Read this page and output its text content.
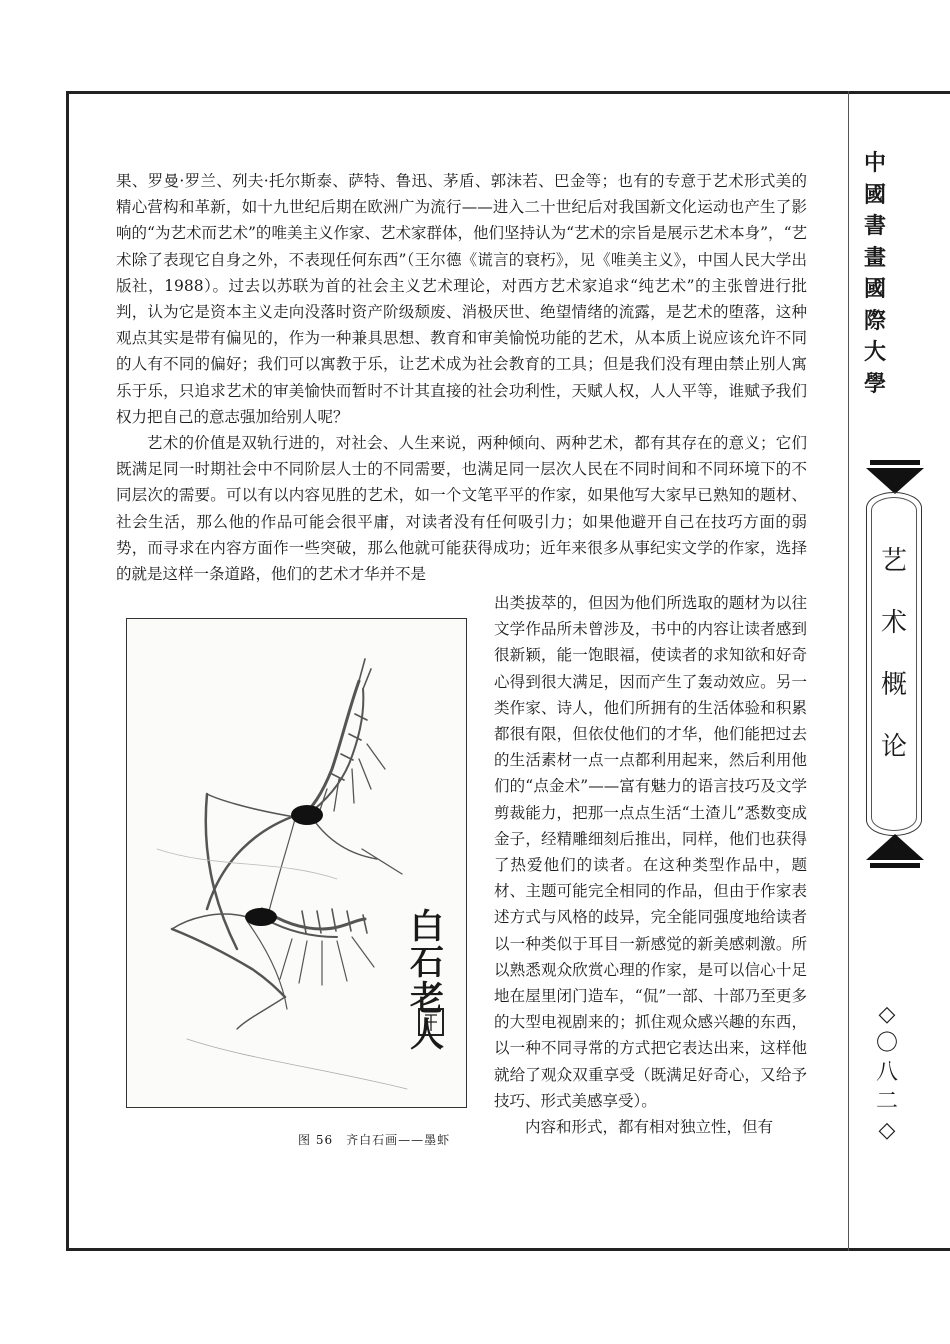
果、罗曼·罗兰、列夫·托尔斯泰、萨特、鲁迅、茅盾、郭沫若、巴金等；也有的专意于艺术形式美的精心营构和革新，如十九世纪后期在欧洲广为流行——进入二十世纪后对我国新文化运动也产生了影响的“为艺术而艺术”的唯美主义作家、艺术家群体，他们坚持认为“艺术的宗旨是展示艺术本身”，“艺术除了表现它自身之外，不表现任何东西”（王尔德《谎言的衰朽》，见《唯美主义》，中国人民大学出版社，1988）。过去以苏联为首的社会主义艺术理论，对西方艺术家追求“纯艺术”的主张曾进行批判，认为它是资本主义走向没落时资产阶级颓废、消极厌世、绝望情绪的流露，是艺术的堕落，这种观点其实是带有偏见的，作为一种兼具思想、教育和审美愉悦功能的艺术，从本质上说应该允许不同的人有不同的偏好；我们可以寓教于乐，让艺术成为社会教育的工具；但是我们没有理由禁止别人寓乐于乐，只追求艺术的审美愉快而暂时不计其直接的社会功利性，天赋人权，人人平等，谁赋予我们权力把自己的意志强加给别人呢？

艺术的价值是双轨行进的，对社会、人生来说，两种倾向、两种艺术，都有其存在的意义；它们既满足同一时期社会中不同阶层人士的不同需要，也满足同一层次人民在不同时间和不同环境下的不同层次的需要。可以有以内容见胜的艺术，如一个文笔平平的作家，如果他写大家早已熟知的题材、社会生活，那么他的作品可能会很平庸，对读者没有任何吸引力；如果他避开自己在技巧方面的弱势，而寻求在内容方面作一些突破，那么他就可能获得成功；近年来很多从事纪实文学的作家，选择的就是这样一条道路，他们的艺术才华并不是

出类拔萃的，但因为他们所选取的题材为以往文学作品所未曾涉及，书中的内容让读者感到很新颖，能一饱眼福，使读者的求知欲和好奇心得到很大满足，因而产生了轰动效应。另一类作家、诗人，他们所拥有的生活体验和积累都很有限，但依仗他们的才华，他们能把过去的生活素材一点一点都利用起来，然后利用他们的“点金术”——富有魅力的语言技巧及文学剪裁能力，把那一点点生活“土渣儿”悉数变成金子，经精雕细刻后推出，同样，他们也获得了热爱他们的读者。在这种类型作品中，题材、主题可能完全相同的作品，但由于作家表述方式与风格的歧异，完全能同强度地给读者以一种类似于耳目一新感觉的新美感刺激。所以熟悉观众欣赏心理的作家，是可以信心十足地在屋里闭门造车，“侃”一部、十部乃至更多的大型电视剧来的；抓住观众感兴趣的东西，以一种不同寻常的方式把它表达出来，这样他就给了观众双重享受（既满足好奇心，又给予技巧、形式美感享受）。

内容和形式，都有相对独立性，但有

白
石
老
人
图 56　齐白石画——墨虾
中
國
書
畫
國
際
大
學
艺
术
概
论
◇
〇
八
二
◇
